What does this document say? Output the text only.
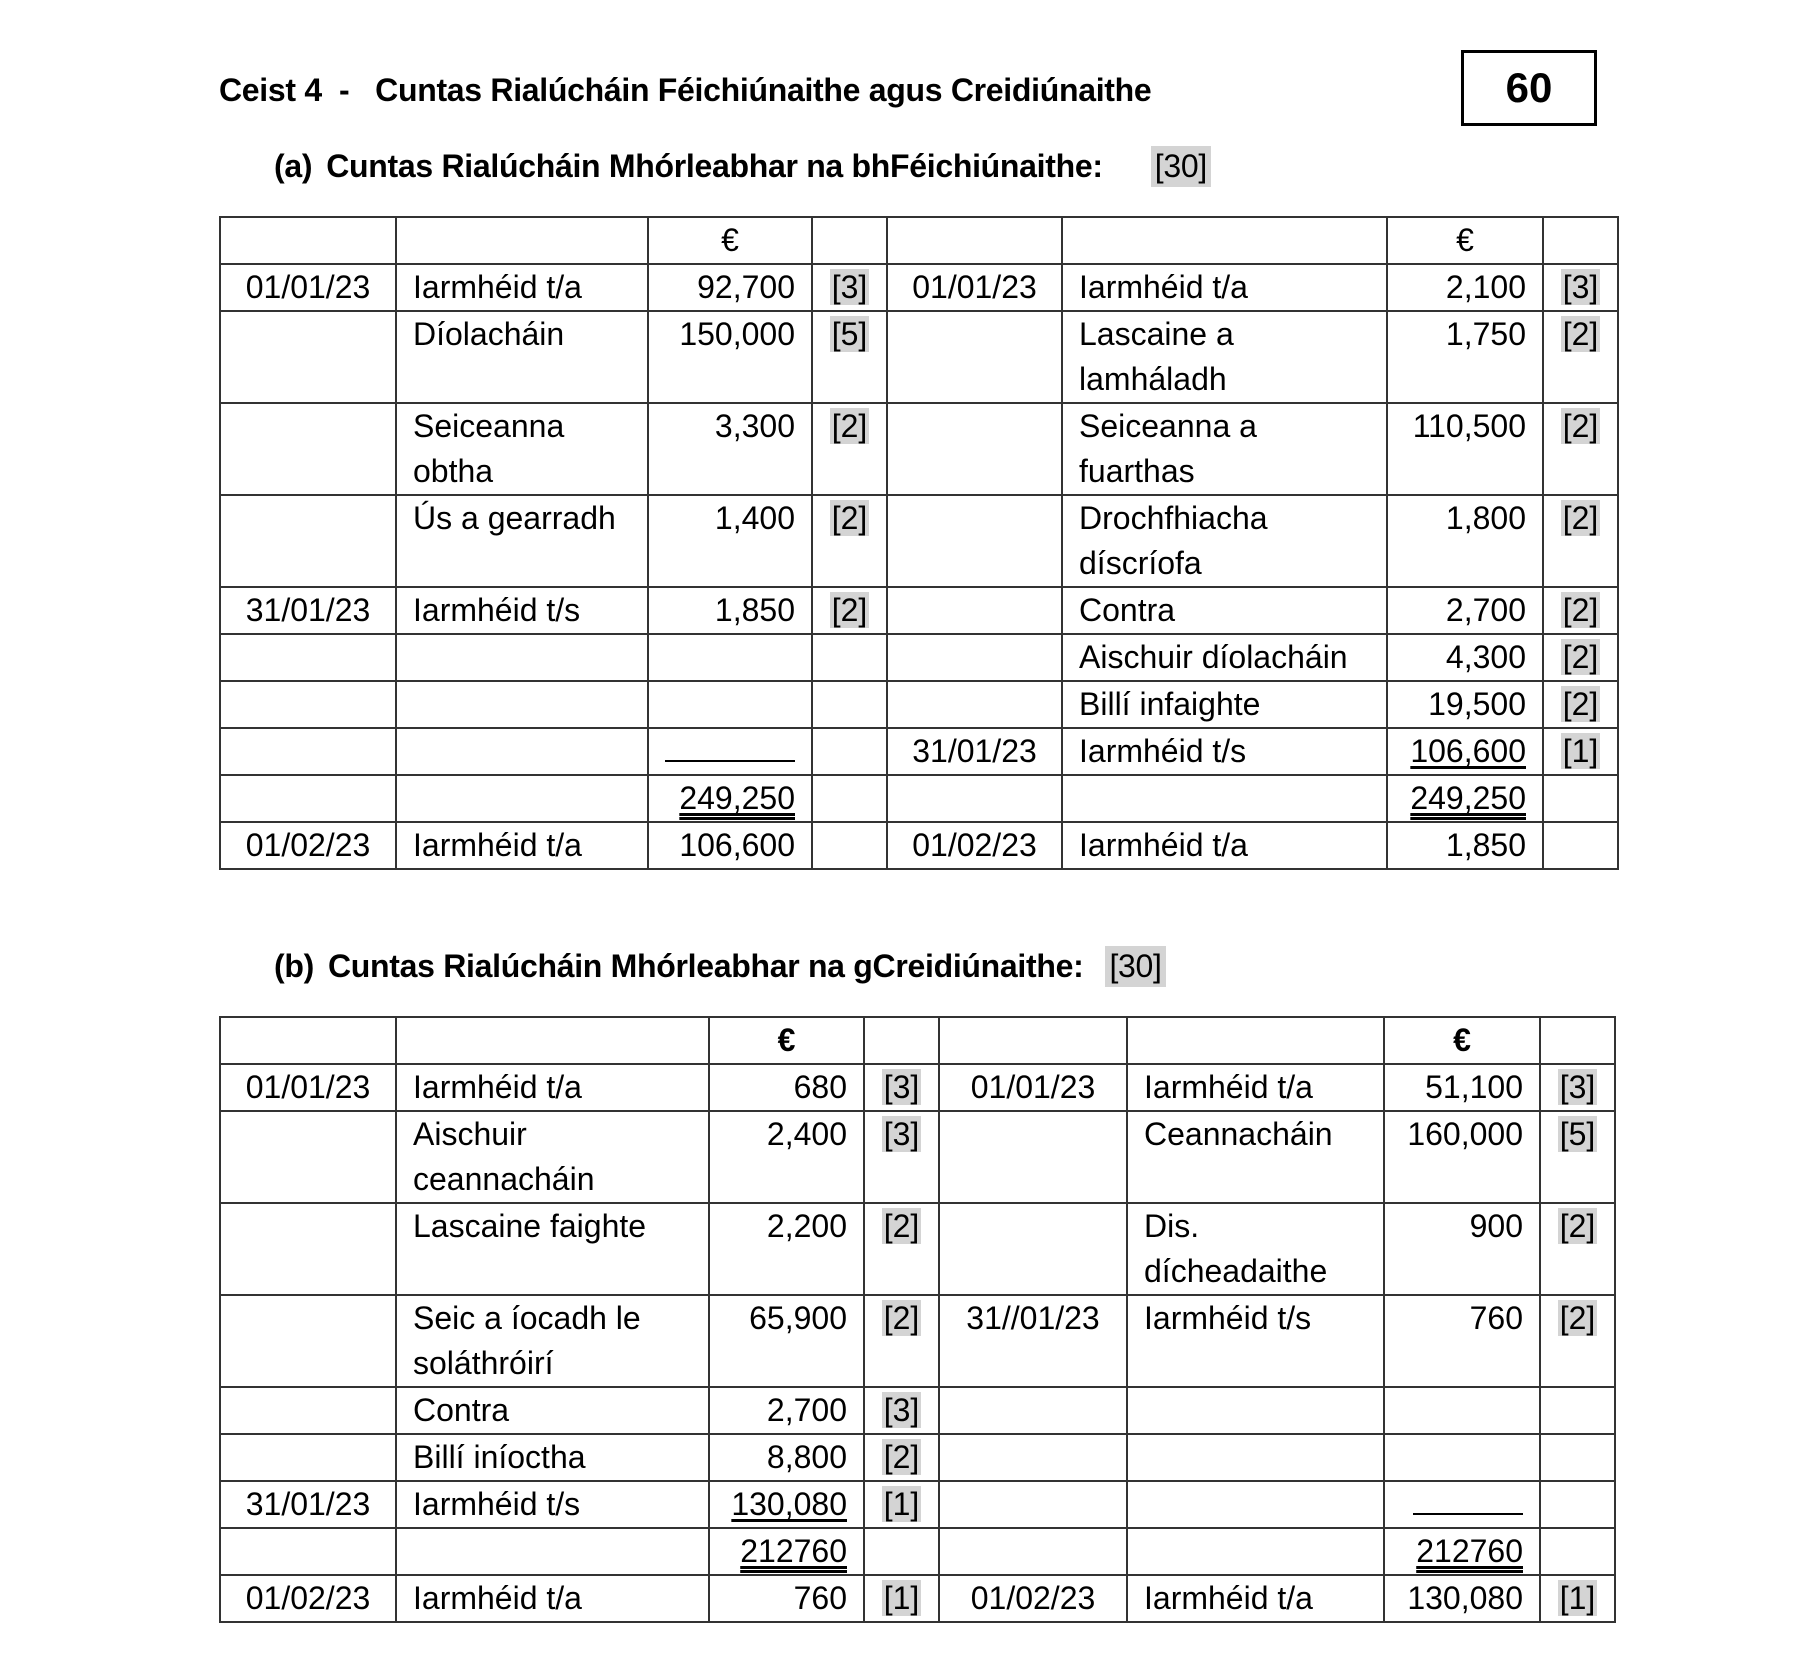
Ceist 4  -   Cuntas Rialúcháin Féichiúnaithe agus Creidiúnaithe	60
(a) Cuntas Rialúcháin Mhórleabhar na bhFéichiúnaithe: [30]
		€				€	
01/01/23	Iarmhéid t/a	92,700	[3]	01/01/23	Iarmhéid t/a	2,100	[3]
	Díolacháin	150,000	[5]		Lascaine a lamháladh	1,750	[2]
	Seiceanna obtha	3,300	[2]		Seiceanna a fuarthas	110,500	[2]
	Ús a gearradh	1,400	[2]		Drochfhiacha díscríofa	1,800	[2]
31/01/23	Iarmhéid t/s	1,850	[2]		Contra	2,700	[2]
					Aischuir díolacháin	4,300	[2]
					Billí infaighte	19,500	[2]
				31/01/23	Iarmhéid t/s	106,600	[1]
		249,250				249,250	
01/02/23	Iarmhéid t/a	106,600		01/02/23	Iarmhéid t/a	1,850	
(b) Cuntas Rialúcháin Mhórleabhar na gCreidiúnaithe: [30]
		€				€	
01/01/23	Iarmhéid t/a	680	[3]	01/01/23	Iarmhéid t/a	51,100	[3]
	Aischuir ceannacháin	2,400	[3]		Ceannacháin	160,000	[5]
	Lascaine faighte	2,200	[2]		Dis. dícheadaithe	900	[2]
	Seic a íocadh le soláthróirí	65,900	[2]	31//01/23	Iarmhéid t/s	760	[2]
	Contra	2,700	[3]				
	Billí iníoctha	8,800	[2]				
31/01/23	Iarmhéid t/s	130,080	[1]				
		212760				212760	
01/02/23	Iarmhéid t/a	760	[1]	01/02/23	Iarmhéid t/a	130,080	[1]
